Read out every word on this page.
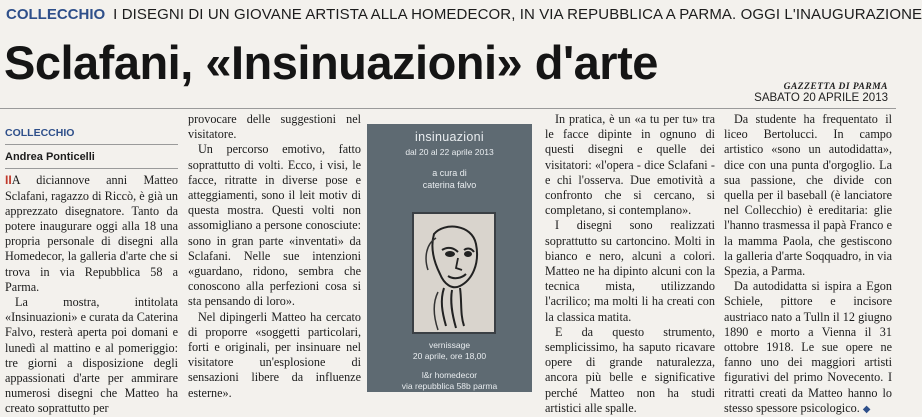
COLLECCHIO I DISEGNI DI UN GIOVANE ARTISTA ALLA HOMEDECOR, IN VIA REPUBBLICA A PARMA. OGGI L'INAUGURAZIONE
Sclafani, «Insinuazioni» d'arte	GAZZETTA DI PARMA
SABATO 20 APRILE 2013
COLLECCHIO
Andrea Ponticelli

IIA diciannove anni Matteo Sclafani, ragazzo di Riccò, è già un apprezzato disegnatore. Tanto da potere inaugurare oggi alla 18 una propria personale di disegni alla Homedecor, la galleria d'arte che si trova in via Repubblica 58 a Parma.

La mostra, intitolata «Insinuazioni» e curata da Caterina Falvo, resterà aperta poi domani e lunedì al mattino e al pomeriggio: tre giorni a disposizione degli appassionati d'arte per ammirare numerosi disegni che Matteo ha creato soprattutto per

provocare delle suggestioni nel visitatore.

Un percorso emotivo, fatto soprattutto di volti. Ecco, i visi, le facce, ritratte in diverse pose e atteggiamenti, sono il leit motiv di questa mostra. Questi volti non assomigliano a persone conosciute: sono in gran parte «inventati» da Sclafani. Nelle sue intenzioni «guardano, ridono, sembra che conoscono alla perfezioni cosa si sta pensando di loro».

Nel dipingerli Matteo ha cercato di proporre «soggetti particolari, forti e originali, per insinuare nel visitatore un'esplosione di sensazioni libere da influenze esterne».

insinuazioni
dal 20 al 22 aprile 2013
a cura di
caterina falvo
vernissage
20 aprile, ore 18,00
l&r homedecor
via repubblica 58b parma

In pratica, è un «a tu per tu» tra le facce dipinte in ognuno di questi disegni e quelle dei visitatori: «l'opera - dice Sclafani - e chi l'osserva. Due emotività a confronto che si cercano, si completano, si contemplano».

I disegni sono realizzati soprattutto su cartoncino. Molti in bianco e nero, alcuni a colori. Matteo ne ha dipinto alcuni con la tecnica mista, utilizzando l'acrilico; ma molti li ha creati con la classica matita.

E da questo strumento, semplicissimo, ha saputo ricavare opere di grande naturalezza, ancora più belle e significative perché Matteo non ha studi artistici alle spalle.

Da studente ha frequentato il liceo Bertolucci. In campo artistico «sono un autodidatta», dice con una punta d'orgoglio. La sua passione, che divide con quella per il baseball (è lanciatore nel Collecchio) è ereditaria: glie l'hanno trasmessa il papà Franco e la mamma Paola, che gestiscono la galleria d'arte Soqquadro, in via Spezia, a Parma.

Da autodidatta si ispira a Egon Schiele, pittore e incisore austriaco nato a Tulln il 12 giugno 1890 e morto a Vienna il 31 ottobre 1918. Le sue opere ne fanno uno dei maggiori artisti figurativi del primo Novecento. I ritratti creati da Matteo hanno lo stesso spessore psicologico. ◆
